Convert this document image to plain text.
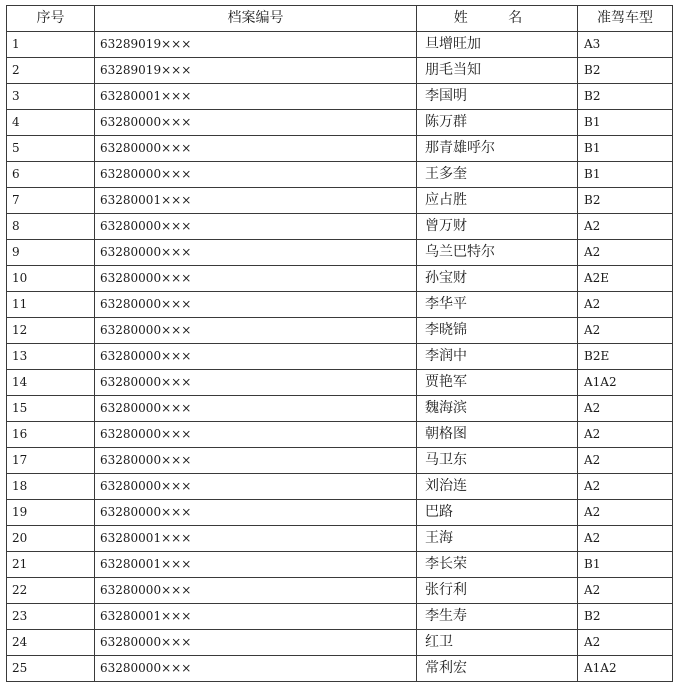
序号	档案编号	姓 名	准驾车型
1	63289019×××	旦增旺加	A3
2	63289019×××	朋毛当知	B2
3	63280001×××	李国明	B2
4	63280000×××	陈万群	B1
5	63280000×××	那青雄呼尔	B1
6	63280000×××	王多奎	B1
7	63280001×××	应占胜	B2
8	63280000×××	曾万财	A2
9	63280000×××	乌兰巴特尔	A2
10	63280000×××	孙宝财	A2E
11	63280000×××	李华平	A2
12	63280000×××	李晓锦	A2
13	63280000×××	李润中	B2E
14	63280000×××	贾艳军	A1A2
15	63280000×××	魏海滨	A2
16	63280000×××	朝格图	A2
17	63280000×××	马卫东	A2
18	63280000×××	刘治连	A2
19	63280000×××	巴路	A2
20	63280001×××	王海	A2
21	63280001×××	李长荣	B1
22	63280000×××	张行利	A2
23	63280001×××	李生寿	B2
24	63280000×××	红卫	A2
25	63280000×××	常利宏	A1A2
